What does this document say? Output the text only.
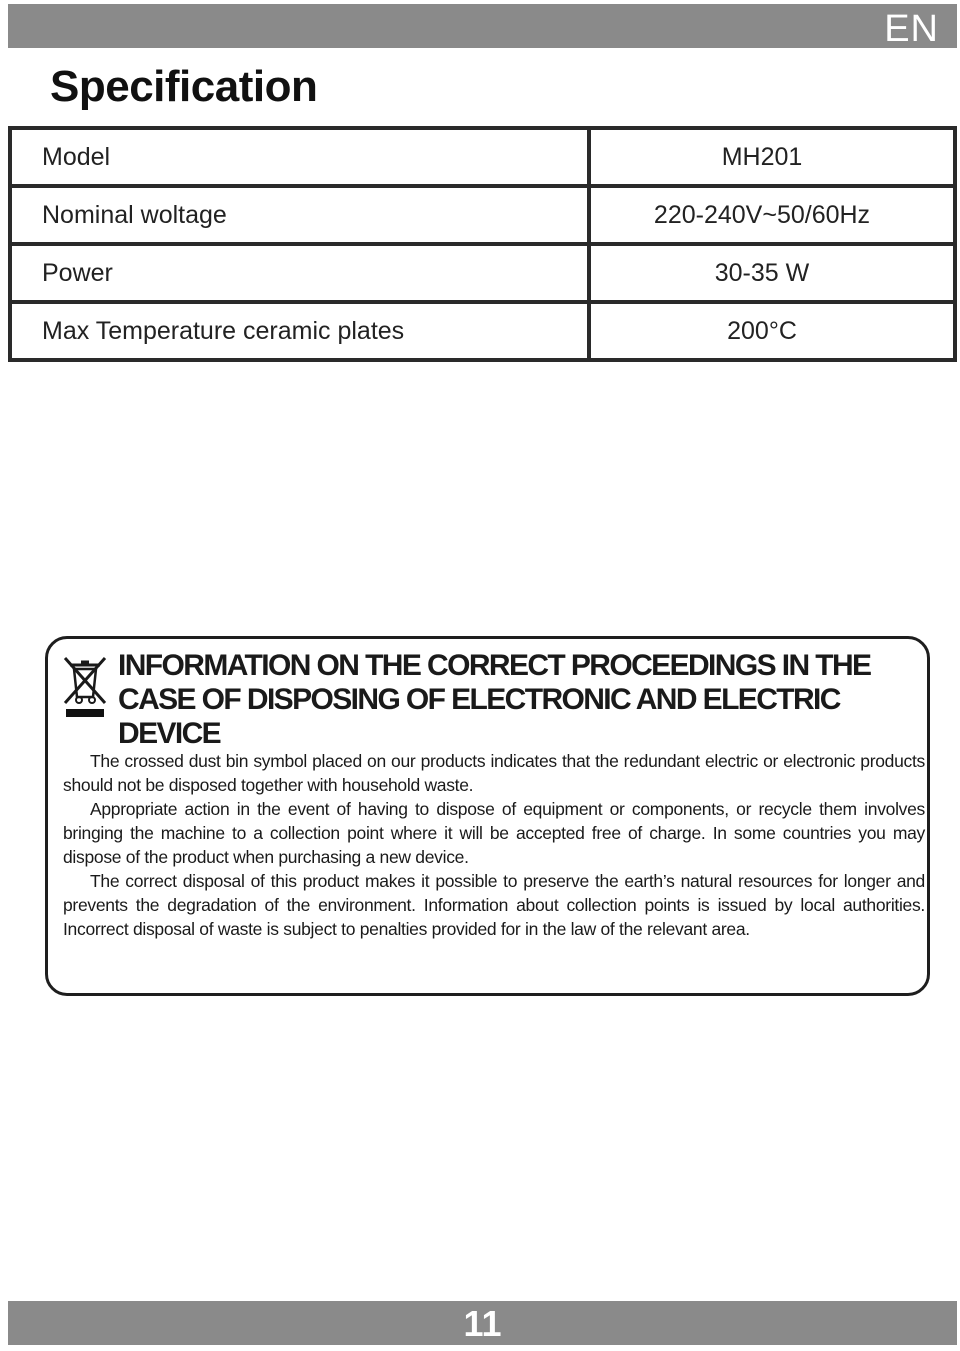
EN
Specification
Model	MH201
Nominal woltage	220-240V~50/60Hz
Power	30-35 W
Max Temperature ceramic plates	200°C
INFORMATION ON THE CORRECT PROCEEDINGS IN THE
CASE OF DISPOSING OF ELECTRONIC AND ELECTRIC DEVICE

The crossed dust bin symbol placed on our products indicates that the redundant electric or electronic products should not be disposed together with household waste.

Appropriate action in the event of having to dispose of equipment or components, or recycle them involves bringing the machine to a collection point where it will be accepted free of charge. In some countries you may dispose of the product when purchasing a new device.

The correct disposal of this product makes it possible to preserve the earth’s natural resources for longer and prevents the degradation of the environment. Information about collection points is issued by local authorities. Incorrect disposal of waste is subject to penalties provided for in the law of the relevant area.

11
